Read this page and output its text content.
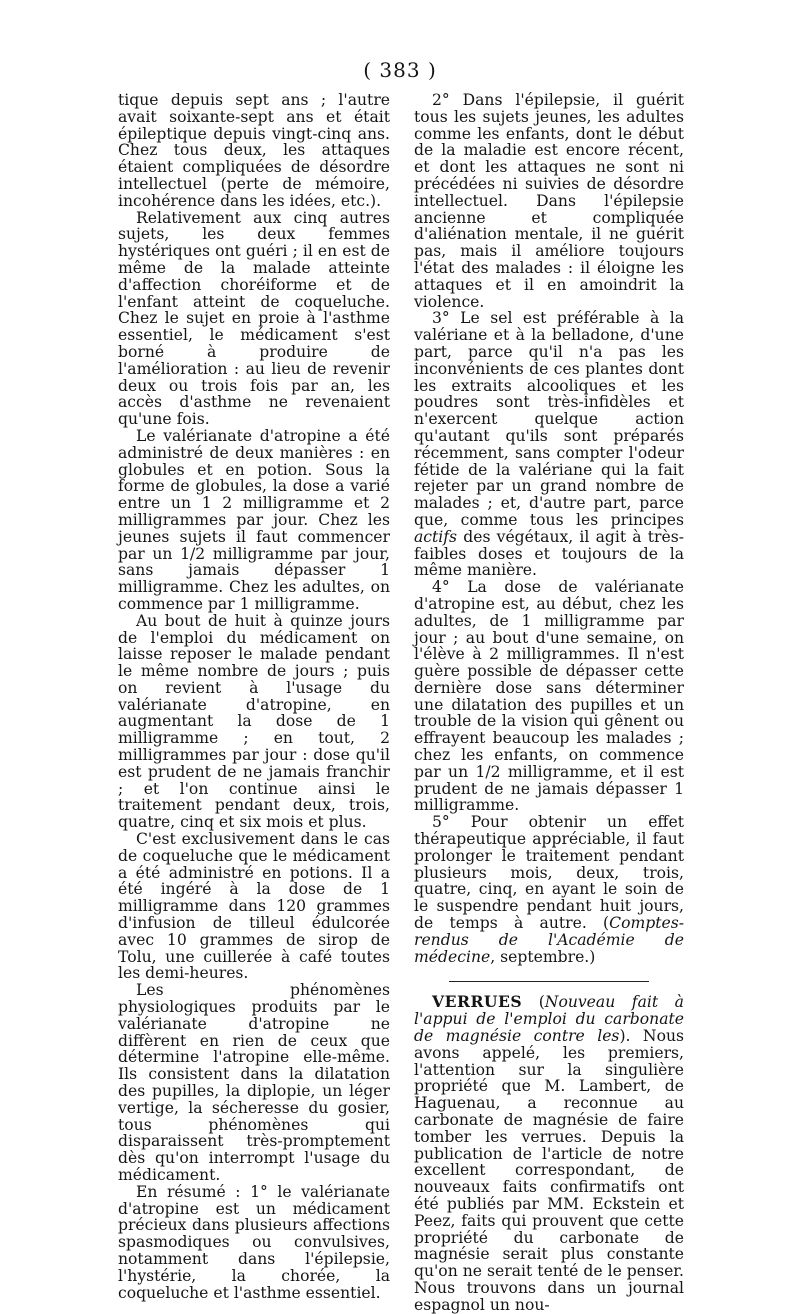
( 383 )

tique depuis sept ans ; l'autre avait soixante-sept ans et était épileptique depuis vingt-cinq ans. Chez tous deux, les attaques étaient compliquées de désordre intellectuel (perte de mémoire, incohérence dans les idées, etc.).

Relativement aux cinq autres sujets, les deux femmes hystériques ont guéri ; il en est de même de la malade atteinte d'affection choréiforme et de l'enfant atteint de coqueluche. Chez le sujet en proie à l'asthme essentiel, le médicament s'est borné à produire de l'amélioration : au lieu de revenir deux ou trois fois par an, les accès d'asthme ne revenaient qu'une fois.

Le valérianate d'atropine a été administré de deux manières : en globules et en potion. Sous la forme de globules, la dose a varié entre un 1 2 milligramme et 2 milligrammes par jour. Chez les jeunes sujets il faut commencer par un 1/2 milligramme par jour, sans jamais dépasser 1 milligramme. Chez les adultes, on commence par 1 milligramme.

Au bout de huit à quinze jours de l'emploi du médicament on laisse reposer le malade pendant le même nombre de jours ; puis on revient à l'usage du valérianate d'atropine, en augmentant la dose de 1 milligramme ; en tout, 2 milligrammes par jour : dose qu'il est prudent de ne jamais franchir ; et l'on continue ainsi le traitement pendant deux, trois, quatre, cinq et six mois et plus.

C'est exclusivement dans le cas de coqueluche que le médicament a été administré en potions. Il a été ingéré à la dose de 1 milligramme dans 120 grammes d'infusion de tilleul édulcorée avec 10 grammes de sirop de Tolu, une cuillerée à café toutes les demi-heures.

Les phénomènes physiologiques produits par le valérianate d'atropine ne diffèrent en rien de ceux que détermine l'atropine elle-même. Ils consistent dans la dilatation des pupilles, la diplopie, un léger vertige, la sécheresse du gosier, tous phénomènes qui disparaissent très-promptement dès qu'on interrompt l'usage du médicament.

En résumé : 1° le valérianate d'atropine est un médicament précieux dans plusieurs affections spasmodiques ou convulsives, notamment dans l'épilepsie, l'hystérie, la chorée, la coqueluche et l'asthme essentiel.

2° Dans l'épilepsie, il guérit tous les sujets jeunes, les adultes comme les enfants, dont le début de la maladie est encore récent, et dont les attaques ne sont ni précédées ni suivies de désordre intellectuel. Dans l'épilepsie ancienne et compliquée d'aliénation mentale, il ne guérit pas, mais il améliore toujours l'état des malades : il éloigne les attaques et il en amoindrit la violence.

3° Le sel est préférable à la valériane et à la belladone, d'une part, parce qu'il n'a pas les inconvénients de ces plantes dont les extraits alcooliques et les poudres sont très-infidèles et n'exercent quelque action qu'autant qu'ils sont préparés récemment, sans compter l'odeur fétide de la valériane qui la fait rejeter par un grand nombre de malades ; et, d'autre part, parce que, comme tous les principes actifs des végétaux, il agit à très-faibles doses et toujours de la même manière.

4° La dose de valérianate d'atropine est, au début, chez les adultes, de 1 milligramme par jour ; au bout d'une semaine, on l'élève à 2 milligrammes. Il n'est guère possible de dépasser cette dernière dose sans déterminer une dilatation des pupilles et un trouble de la vision qui gênent ou effrayent beaucoup les malades ; chez les enfants, on commence par un 1/2 milligramme, et il est prudent de ne jamais dépasser 1 milligramme.

5° Pour obtenir un effet thérapeutique appréciable, il faut prolonger le traitement pendant plusieurs mois, deux, trois, quatre, cinq, en ayant le soin de le suspendre pendant huit jours, de temps à autre. (Comptes-rendus de l'Académie de médecine, septembre.)

VERRUES (Nouveau fait à l'appui de l'emploi du carbonate de magnésie contre les). Nous avons appelé, les premiers, l'attention sur la singulière propriété que M. Lambert, de Haguenau, a reconnue au carbonate de magnésie de faire tomber les verrues. Depuis la publication de l'article de notre excellent correspondant, de nouveaux faits confirmatifs ont été publiés par MM. Eckstein et Peez, faits qui prouvent que cette propriété du carbonate de magnésie serait plus constante qu'on ne serait tenté de le penser. Nous trouvons dans un journal espagnol un nou-
